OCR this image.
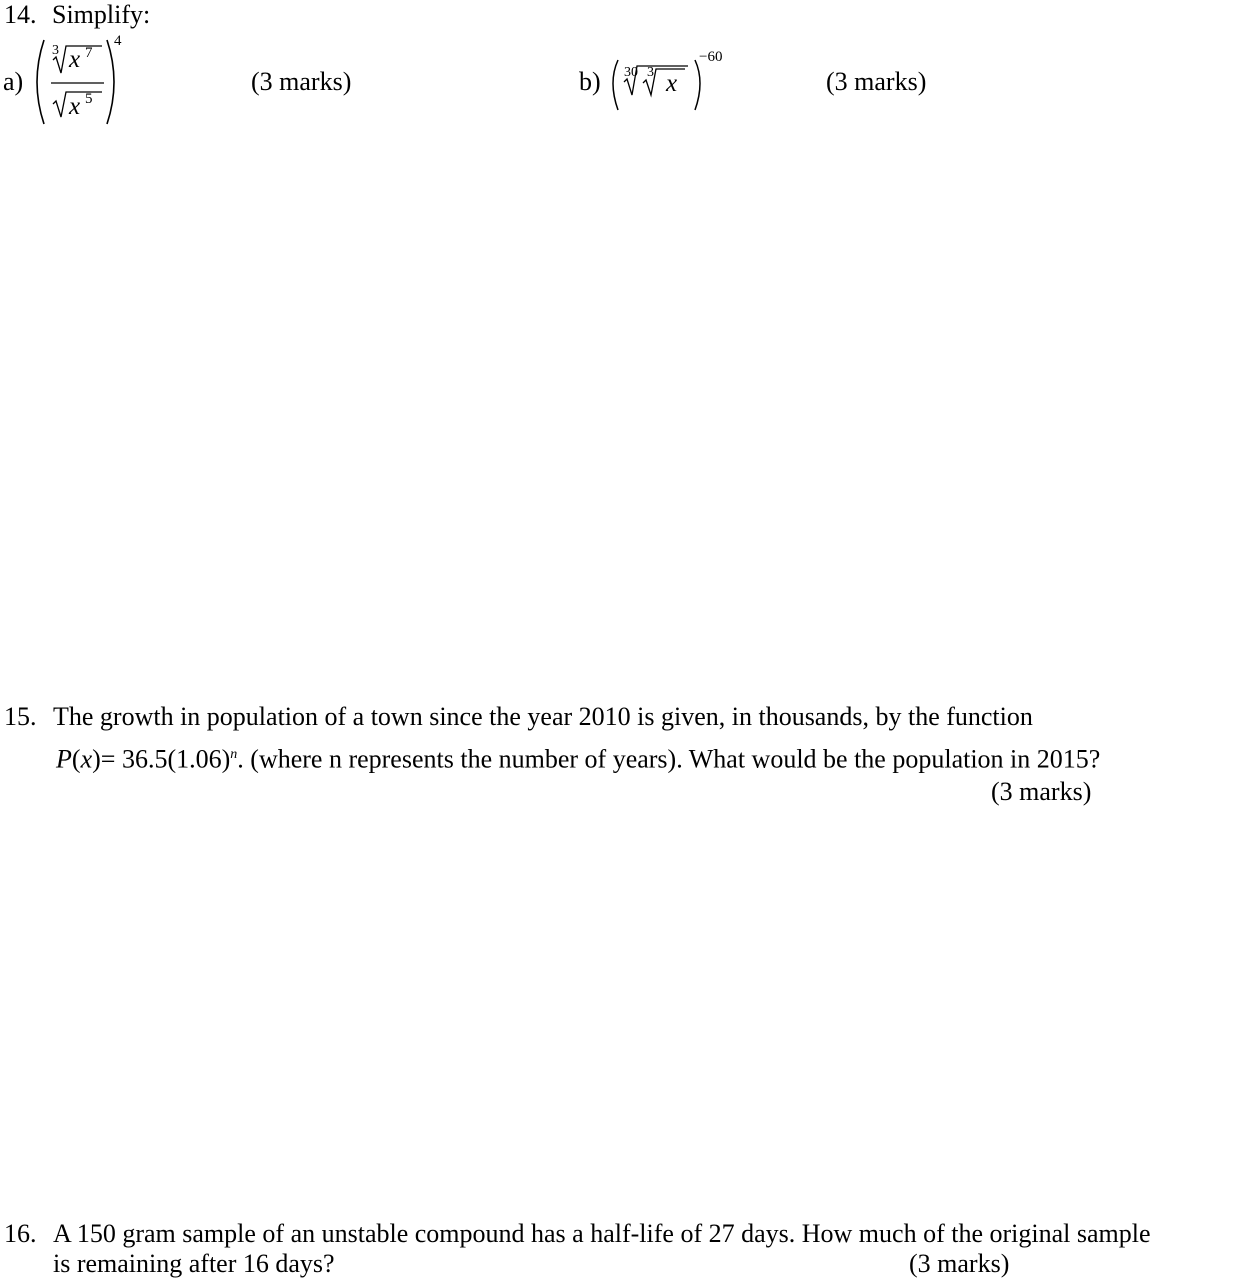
14. Simplify:
a)
3 x 7
x 5
4
(3 marks)	b) 30 3 x
−60
(3 marks)
15. The growth in population of a town since the year 2010 is given, in thousands, by the function
$P(x)= 36.5(1.06)^n$. (where n represents the number of years). What would be the population in 2015?
(3 marks)
16. A 150 gram sample of an unstable compound has a half-life of 27 days. How much of the original sample
is remaining after 16 days?	(3 marks)
